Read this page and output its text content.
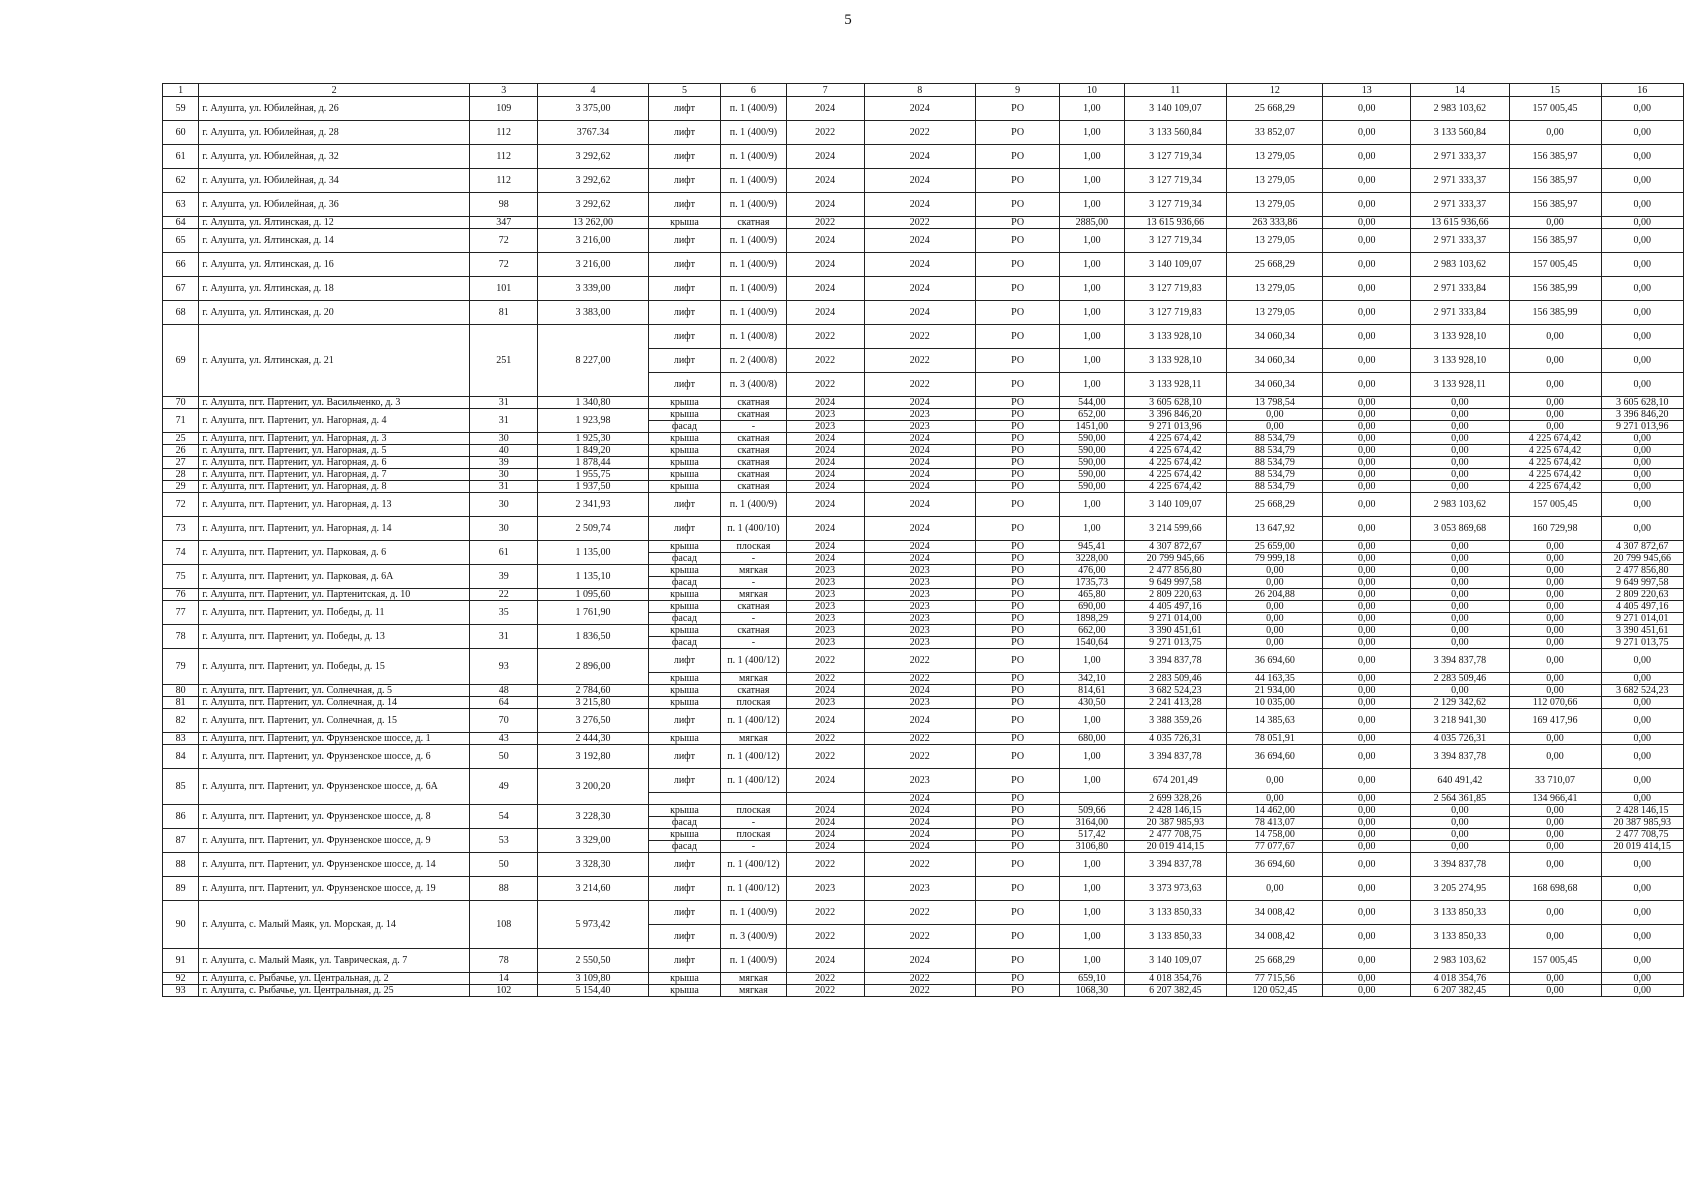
5
1	2	3	4	5	6	7	8	9	10	11	12	13	14	15	16
59	г. Алушта, ул. Юбилейная, д. 26	109	3 375,00	лифт	п. 1 (400/9)	2024	2024	РО	1,00	3 140 109,07	25 668,29	0,00	2 983 103,62	157 005,45	0,00
60	г. Алушта, ул. Юбилейная, д. 28	112	3767.34	лифт	п. 1 (400/9)	2022	2022	РО	1,00	3 133 560,84	33 852,07	0,00	3 133 560,84	0,00	0,00
61	г. Алушта, ул. Юбилейная, д. 32	112	3 292,62	лифт	п. 1 (400/9)	2024	2024	РО	1,00	3 127 719,34	13 279,05	0,00	2 971 333,37	156 385,97	0,00
62	г. Алушта, ул. Юбилейная, д. 34	112	3 292,62	лифт	п. 1 (400/9)	2024	2024	РО	1,00	3 127 719,34	13 279,05	0,00	2 971 333,37	156 385,97	0,00
63	г. Алушта, ул. Юбилейная, д. 36	98	3 292,62	лифт	п. 1 (400/9)	2024	2024	РО	1,00	3 127 719,34	13 279,05	0,00	2 971 333,37	156 385,97	0,00
64	г. Алушта, ул. Ялтинская, д. 12	347	13 262,00	крыша	скатная	2022	2022	РО	2885,00	13 615 936,66	263 333,86	0,00	13 615 936,66	0,00	0,00
65	г. Алушта, ул. Ялтинская, д. 14	72	3 216,00	лифт	п. 1 (400/9)	2024	2024	РО	1,00	3 127 719,34	13 279,05	0,00	2 971 333,37	156 385,97	0,00
66	г. Алушта, ул. Ялтинская, д. 16	72	3 216,00	лифт	п. 1 (400/9)	2024	2024	РО	1,00	3 140 109,07	25 668,29	0,00	2 983 103,62	157 005,45	0,00
67	г. Алушта, ул. Ялтинская, д. 18	101	3 339,00	лифт	п. 1 (400/9)	2024	2024	РО	1,00	3 127 719,83	13 279,05	0,00	2 971 333,84	156 385,99	0,00
68	г. Алушта, ул. Ялтинская, д. 20	81	3 383,00	лифт	п. 1 (400/9)	2024	2024	РО	1,00	3 127 719,83	13 279,05	0,00	2 971 333,84	156 385,99	0,00
69	г. Алушта, ул. Ялтинская, д. 21	251	8 227,00	лифт	п. 1 (400/8)	2022	2022	РО	1,00	3 133 928,10	34 060,34	0,00	3 133 928,10	0,00	0,00
				лифт	п. 2 (400/8)	2022	2022	РО	1,00	3 133 928,10	34 060,34	0,00	3 133 928,10	0,00	0,00
				лифт	п. 3 (400/8)	2022	2022	РО	1,00	3 133 928,11	34 060,34	0,00	3 133 928,11	0,00	0,00
70	г. Алушта, пгт. Партенит, ул. Васильченко, д. 3	31	1 340,80	крыша	скатная	2024	2024	РО	544,00	3 605 628,10	13 798,54	0,00	0,00	0,00	3 605 628,10
71	г. Алушта, пгт. Партенит, ул. Нагорная, д. 4	31	1 923,98	крыша	скатная	2023	2023	РО	652,00	3 396 846,20	0,00	0,00	0,00	0,00	3 396 846,20
				фасад	-	2023	2023	РО	1451,00	9 271 013,96	0,00	0,00	0,00	0,00	9 271 013,96
25	г. Алушта, пгт. Партенит, ул. Нагорная, д. 3	30	1 925,30	крыша	скатная	2024	2024	РО	590,00	4 225 674,42	88 534,79	0,00	0,00	4 225 674,42	0,00
26	г. Алушта, пгт. Партенит, ул. Нагорная, д. 5	40	1 849,20	крыша	скатная	2024	2024	РО	590,00	4 225 674,42	88 534,79	0,00	0,00	4 225 674,42	0,00
27	г. Алушта, пгт. Партенит, ул. Нагорная, д. 6	39	1 878,44	крыша	скатная	2024	2024	РО	590,00	4 225 674,42	88 534,79	0,00	0,00	4 225 674,42	0,00
28	г. Алушта, пгт. Партенит, ул. Нагорная, д. 7	30	1 955,75	крыша	скатная	2024	2024	РО	590,00	4 225 674,42	88 534,79	0,00	0,00	4 225 674,42	0,00
29	г. Алушта, пгт. Партенит, ул. Нагорная, д. 8	31	1 937,50	крыша	скатная	2024	2024	РО	590,00	4 225 674,42	88 534,79	0,00	0,00	4 225 674,42	0,00
72	г. Алушта, пгт. Партенит, ул. Нагорная, д. 13	30	2 341,93	лифт	п. 1 (400/9)	2024	2024	РО	1,00	3 140 109,07	25 668,29	0,00	2 983 103,62	157 005,45	0,00
73	г. Алушта, пгт. Партенит, ул. Нагорная, д. 14	30	2 509,74	лифт	п. 1 (400/10)	2024	2024	РО	1,00	3 214 599,66	13 647,92	0,00	3 053 869,68	160 729,98	0,00
74	г. Алушта, пгт. Партенит, ул. Парковая, д. 6	61	1 135,00	крыша	плоская	2024	2024	РО	945,41	4 307 872,67	25 659,00	0,00	0,00	0,00	4 307 872,67
				фасад	-	2024	2024	РО	3228,00	20 799 945,66	79 999,18	0,00	0,00	0,00	20 799 945,66
75	г. Алушта, пгт. Партенит, ул. Парковая, д. 6А	39	1 135,10	крыша	мягкая	2023	2023	РО	476,00	2 477 856,80	0,00	0,00	0,00	0,00	2 477 856,80
				фасад	-	2023	2023	РО	1735,73	9 649 997,58	0,00	0,00	0,00	0,00	9 649 997,58
76	г. Алушта, пгт. Партенит, ул. Партенитская, д. 10	22	1 095,60	крыша	мягкая	2023	2023	РО	465,80	2 809 220,63	26 204,88	0,00	0,00	0,00	2 809 220,63
77	г. Алушта, пгт. Партенит, ул. Победы, д. 11	35	1 761,90	крыша	скатная	2023	2023	РО	690,00	4 405 497,16	0,00	0,00	0,00	0,00	4 405 497,16
				фасад	-	2023	2023	РО	1898,29	9 271 014,00	0,00	0,00	0,00	0,00	9 271 014,01
78	г. Алушта, пгт. Партенит, ул. Победы, д. 13	31	1 836,50	крыша	скатная	2023	2023	РО	662,00	3 390 451,61	0,00	0,00	0,00	0,00	3 390 451,61
				фасад	-	2023	2023	РО	1540,64	9 271 013,75	0,00	0,00	0,00	0,00	9 271 013,75
79	г. Алушта, пгт. Партенит, ул. Победы, д. 15	93	2 896,00	лифт	п. 1 (400/12)	2022	2022	РО	1,00	3 394 837,78	36 694,60	0,00	3 394 837,78	0,00	0,00
				крыша	мягкая	2022	2022	РО	342,10	2 283 509,46	44 163,35	0,00	2 283 509,46	0,00	0,00
80	г. Алушта, пгт. Партенит, ул. Солнечная, д. 5	48	2 784,60	крыша	скатная	2024	2024	РО	814,61	3 682 524,23	21 934,00	0,00	0,00	0,00	3 682 524,23
81	г. Алушта, пгт. Партенит, ул. Солнечная, д. 14	64	3 215,80	крыша	плоская	2023	2023	РО	430,50	2 241 413,28	10 035,00	0,00	2 129 342,62	112 070,66	0,00
82	г. Алушта, пгт. Партенит, ул. Солнечная, д. 15	70	3 276,50	лифт	п. 1 (400/12)	2024	2024	РО	1,00	3 388 359,26	14 385,63	0,00	3 218 941,30	169 417,96	0,00
83	г. Алушта, пгт. Партенит, ул. Фрунзенское шоссе, д. 1	43	2 444,30	крыша	мягкая	2022	2022	РО	680,00	4 035 726,31	78 051,91	0,00	4 035 726,31	0,00	0,00
84	г. Алушта, пгт. Партенит, ул. Фрунзенское шоссе, д. 6	50	3 192,80	лифт	п. 1 (400/12)	2022	2022	РО	1,00	3 394 837,78	36 694,60	0,00	3 394 837,78	0,00	0,00
85	г. Алушта, пгт. Партенит, ул. Фрунзенское шоссе, д. 6А	49	3 200,20	лифт	п. 1 (400/12)	2024	2023	РО	1,00	674 201,49	0,00	0,00	640 491,42	33 710,07	0,00
							2024	РО		2 699 328,26	0,00	0,00	2 564 361,85	134 966,41	0,00
86	г. Алушта, пгт. Партенит, ул. Фрунзенское шоссе, д. 8	54	3 228,30	крыша	плоская	2024	2024	РО	509,66	2 428 146,15	14 462,00	0,00	0,00	0,00	2 428 146,15
				фасад	-	2024	2024	РО	3164,00	20 387 985,93	78 413,07	0,00	0,00	0,00	20 387 985,93
87	г. Алушта, пгт. Партенит, ул. Фрунзенское шоссе, д. 9	53	3 329,00	крыша	плоская	2024	2024	РО	517,42	2 477 708,75	14 758,00	0,00	0,00	0,00	2 477 708,75
				фасад	-	2024	2024	РО	3106,80	20 019 414,15	77 077,67	0,00	0,00	0,00	20 019 414,15
88	г. Алушта, пгт. Партенит, ул. Фрунзенское шоссе, д. 14	50	3 328,30	лифт	п. 1 (400/12)	2022	2022	РО	1,00	3 394 837,78	36 694,60	0,00	3 394 837,78	0,00	0,00
89	г. Алушта, пгт. Партенит, ул. Фрунзенское шоссе, д. 19	88	3 214,60	лифт	п. 1 (400/12)	2023	2023	РО	1,00	3 373 973,63	0,00	0,00	3 205 274,95	168 698,68	0,00
90	г. Алушта, с. Малый Маяк, ул. Морская, д. 14	108	5 973,42	лифт	п. 1 (400/9)	2022	2022	РО	1,00	3 133 850,33	34 008,42	0,00	3 133 850,33	0,00	0,00
				лифт	п. 3 (400/9)	2022	2022	РО	1,00	3 133 850,33	34 008,42	0,00	3 133 850,33	0,00	0,00
91	г. Алушта, с. Малый Маяк, ул. Таврическая, д. 7	78	2 550,50	лифт	п. 1 (400/9)	2024	2024	РО	1,00	3 140 109,07	25 668,29	0,00	2 983 103,62	157 005,45	0,00
92	г. Алушта, с. Рыбачье, ул. Центральная, д. 2	14	3 109,80	крыша	мягкая	2022	2022	РО	659,10	4 018 354,76	77 715,56	0,00	4 018 354,76	0,00	0,00
93	г. Алушта, с. Рыбачье, ул. Центральная, д. 25	102	5 154,40	крыша	мягкая	2022	2022	РО	1068,30	6 207 382,45	120 052,45	0,00	6 207 382,45	0,00	0,00
